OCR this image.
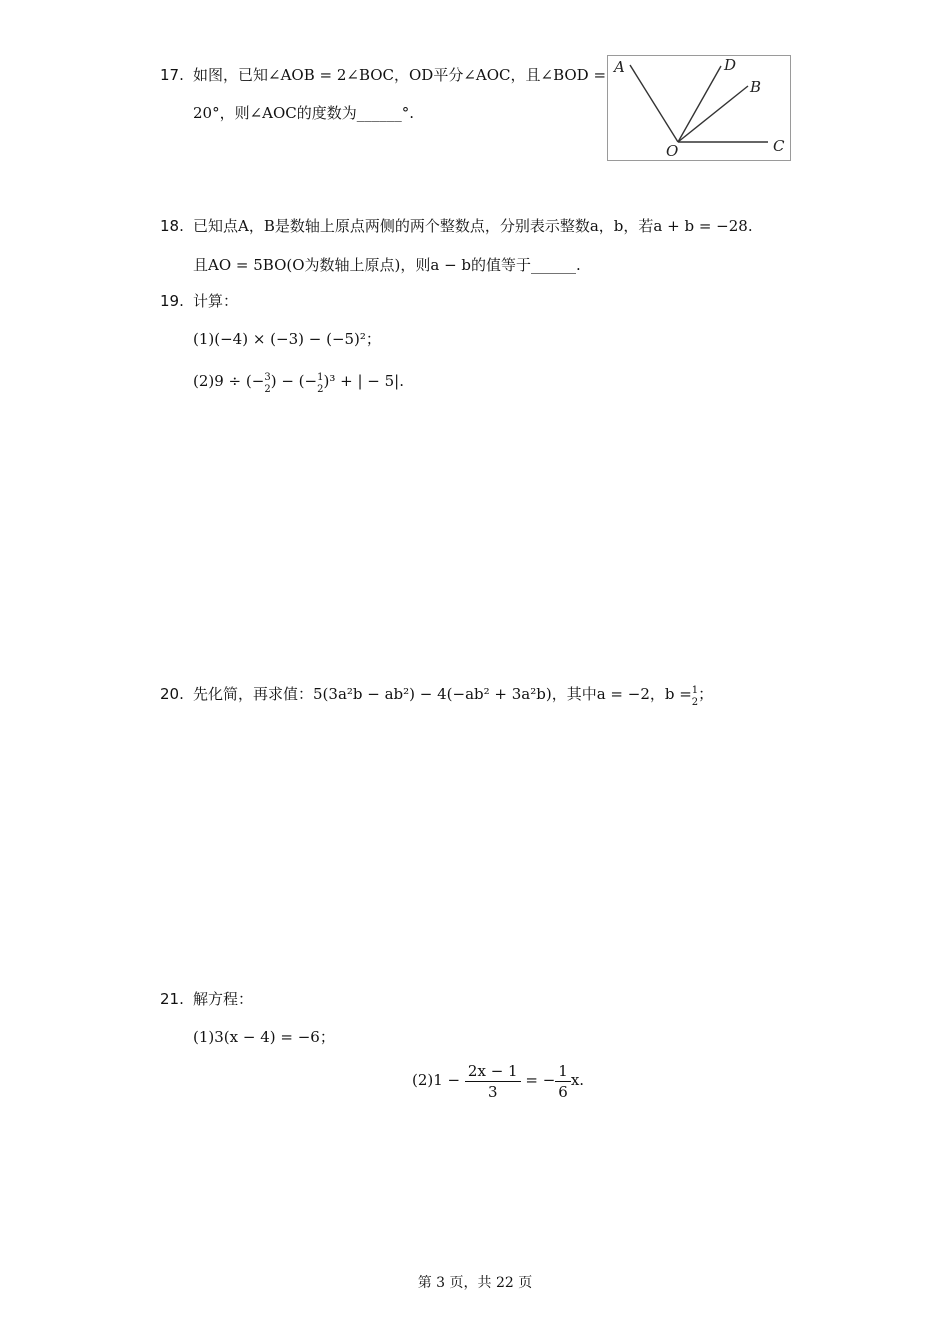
17. 如图，已知∠AOB = 2∠BOC，OD平分∠AOC，且∠BOD =
20°，则∠AOC的度数为______°.
A	D
B
O	C
18. 已知点A，B是数轴上原点两侧的两个整数点，分别表示整数a，b，若a + b = −28.
且AO = 5BO(O为数轴上原点)，则a − b的值等于______.
19. 计算：
(1)(−4) × (−3) − (−5)²；
(2)9 ÷ (− 3
2 ) − (− 1
2 )³ + | − 5|.
20. 先化简，再求值：5(3a²b − ab²) − 4(−ab² + 3a²b)，其中a = −2，b = 1
2 ；
21. 解方程：
(1)3(x − 4) = −6；
$(2)1 - \frac{2x - 1}{3}$ = − $\frac{1}{6} x$.
第 3 页，共 22 页
